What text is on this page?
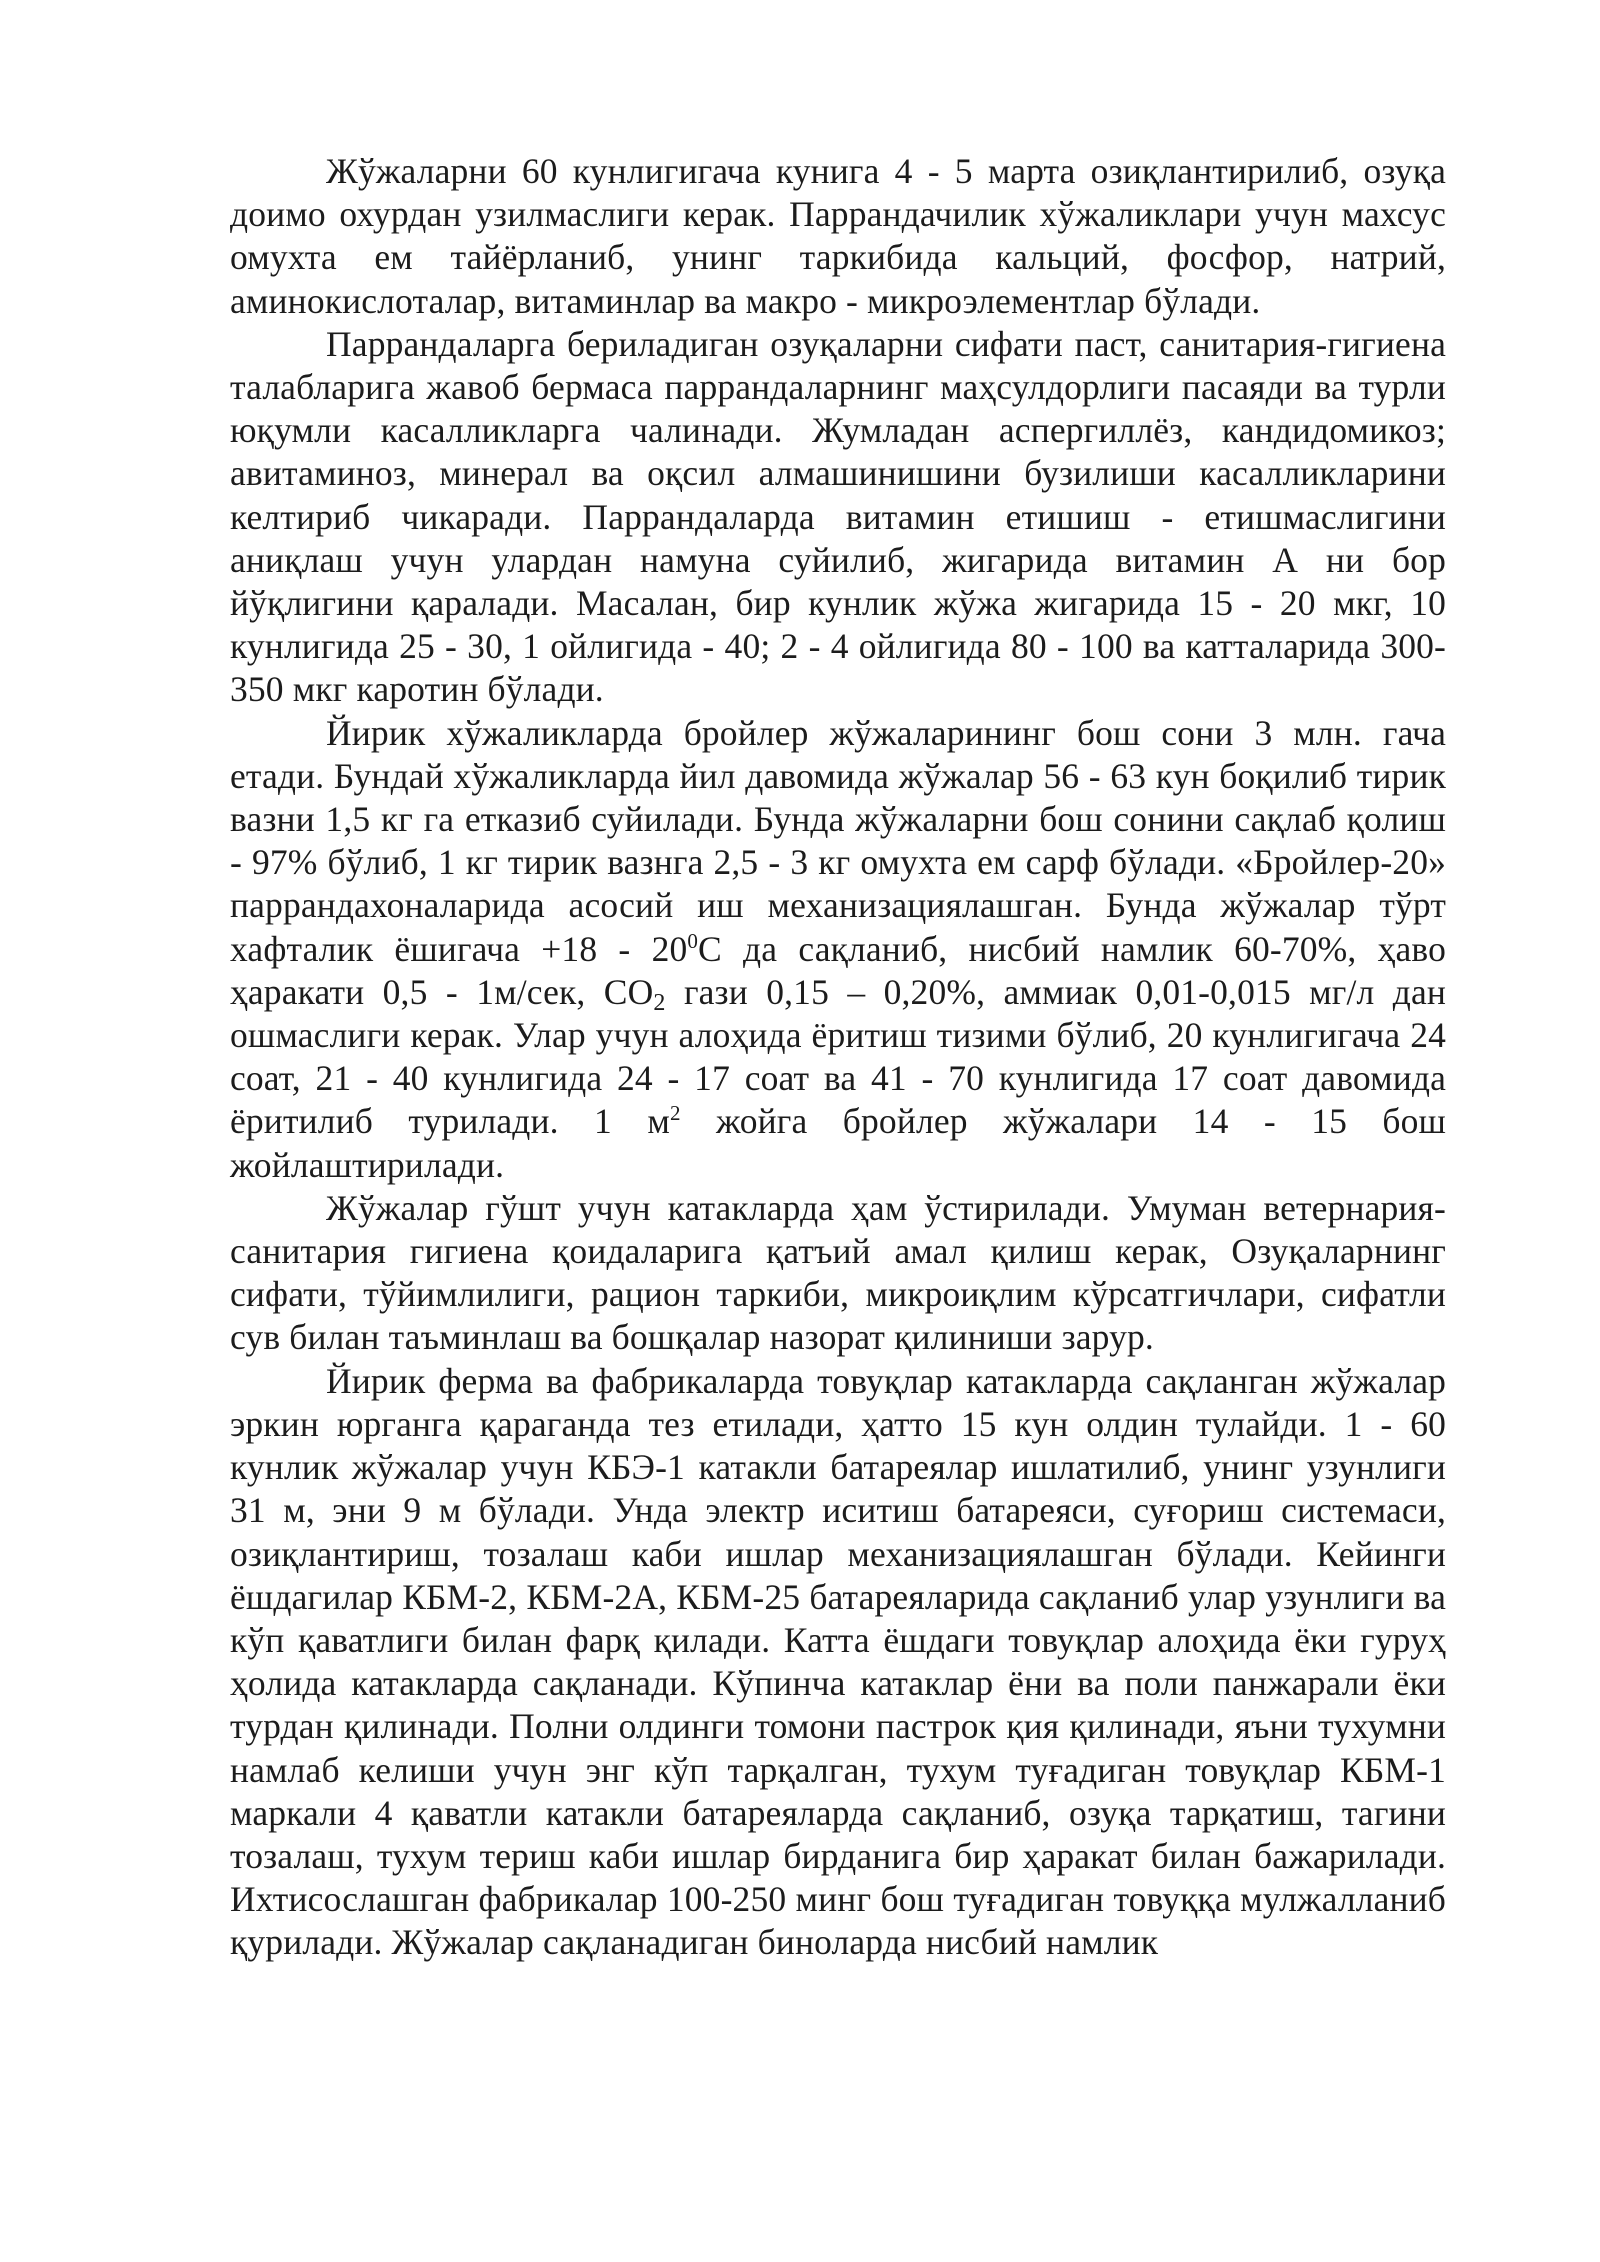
Жўжаларни 60 кунлигигача кунига 4 - 5 марта озиқлантирилиб, озуқа доимо охурдан узилмаслиги керак. Паррандачилик хўжаликлари учун махсус омухта ем тайёрланиб, унинг таркибида кальций, фосфор, натрий, аминокислоталар, витаминлар ва макро - микроэлементлар бўлади.

Паррандаларга бериладиган озуқаларни сифати паст, санитария-гигиена талабларига жавоб бермаса паррандаларнинг маҳсулдорлиги пасаяди ва турли юқумли касалликларга чалинади. Жумладан аспергиллёз, кандидомикоз; авитаминоз, минерал ва оқсил алмашинишини бузилиши касалликларини келтириб чикаради. Паррандаларда витамин етишиш - етишмаслигини аниқлаш учун улардан намуна суйилиб, жигарида витамин А ни бор йўқлигини қаралади. Масалан, бир кунлик жўжа жигарида 15 - 20 мкг, 10 кунлигида 25 - 30, 1 ойлигида - 40; 2 - 4 ойлигида 80 - 100 ва катталарида 300-350 мкг каротин бўлади.

Йирик хўжаликларда бройлер жўжаларининг бош сони 3 млн. гача етади. Бундай хўжаликларда йил давомида жўжалар 56 - 63 кун боқилиб тирик вазни 1,5 кг га етказиб суйилади. Бунда жўжаларни бош сонини сақлаб қолиш - 97% бўлиб, 1 кг тирик вазнга 2,5 - 3 кг омухта ем сарф бўлади. «Бройлер-20» паррандахоналарида асосий иш механизациялашган. Бунда жўжалар тўрт хафталик ёшигача $+18 - 20^0С$ да сақланиб, нисбий намлик 60-70%, ҳаво ҳаракати 0,5 - 1м/сек, $СО_2$ гази 0,15 – 0,20%, аммиак 0,01-0,015 мг/л дан ошмаслиги керак. Улар учун алоҳида ёритиш тизими бўлиб, 20 кунлигигача 24 соат, 21 - 40 кунлигида 24 - 17 соат ва 41 - 70 кунлигида 17 соат давомида ёритилиб турилади. 1 $м^2$ жойга бройлер жўжалари 14 - 15 бош жойлаштирилади.

Жўжалар гўшт учун катакларда ҳам ўстирилади. Умуман ветернария-санитария гигиена қоидаларига қатъий амал қилиш керак, Озуқаларнинг сифати, тўйимлилиги, рацион таркиби, микроиқлим кўрсатгичлари, сифатли сув билан таъминлаш ва бошқалар назорат қилиниши зарур.

Йирик ферма ва фабрикаларда товуқлар катакларда сақланган жўжалар эркин юрганга қараганда тез етилади, ҳатто 15 кун олдин тулайди. 1 - 60 кунлик жўжалар учун КБЭ-1 катакли батареялар ишлатилиб, унинг узунлиги 31 м, эни 9 м бўлади. Унда электр иситиш батареяси, суғориш системаси, озиқлантириш, тозалаш каби ишлар механизациялашган бўлади. Кейинги ёшдагилар КБМ-2, КБМ-2А, КБМ-25 батареяларида сақланиб улар узунлиги ва кўп қаватлиги билан фарқ қилади. Катта ёшдаги товуқлар алоҳида ёки гуруҳ ҳолида катакларда сақланади. Кўпинча катаклар ёни ва поли панжарали ёки турдан қилинади. Полни олдинги томони пастрок қия қилинади, яъни тухумни намлаб келиши учун энг кўп тарқалган, тухум туғадиган товуқлар КБМ-1 маркали 4 қаватли катакли батареяларда сақланиб, озуқа тарқатиш, тагини тозалаш, тухум териш каби ишлар бирданига бир ҳаракат билан бажарилади. Ихтисослашган фабрикалар 100-250 минг бош туғадиган товуққа мулжалланиб қурилади. Жўжалар сақланадиган биноларда нисбий намлик
